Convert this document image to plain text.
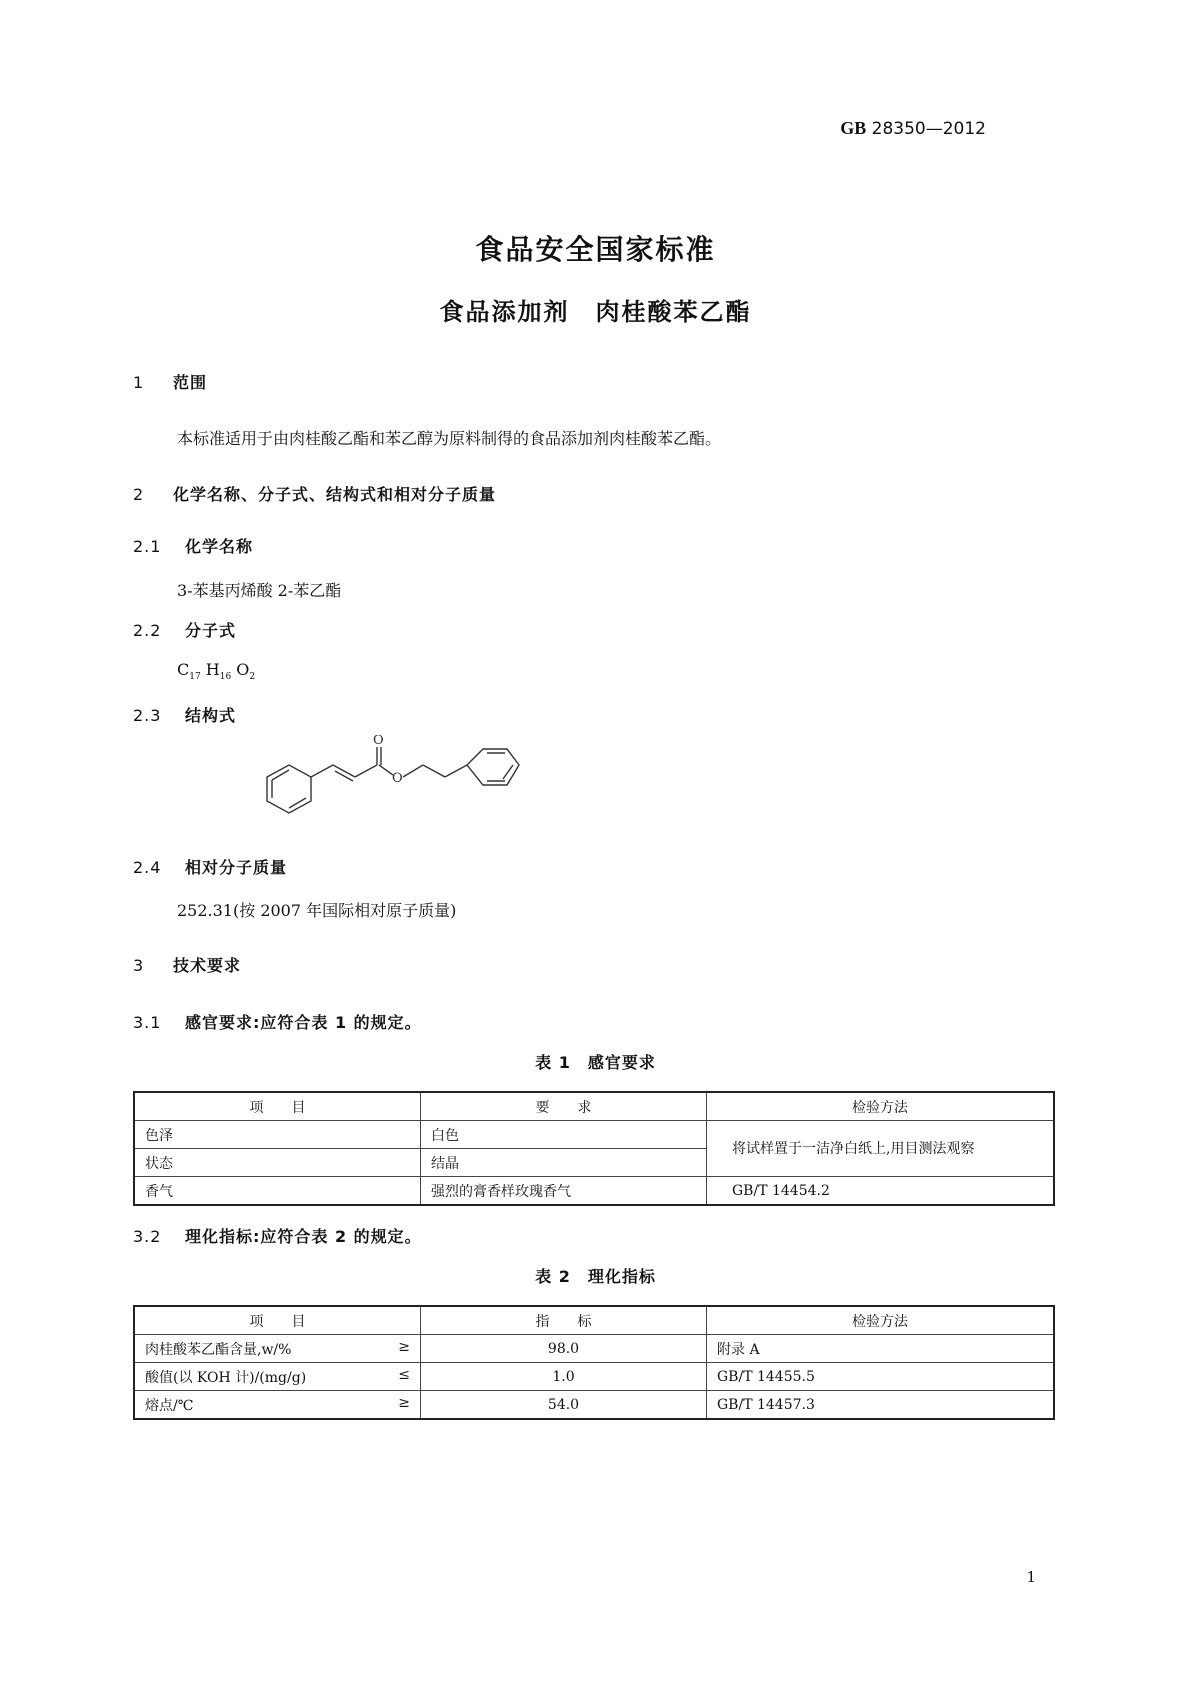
GB 28350—2012
食品安全国家标准
食品添加剂　肉桂酸苯乙酯
1 范围
本标准适用于由肉桂酸乙酯和苯乙醇为原料制得的食品添加剂肉桂酸苯乙酯。
2 化学名称、分子式、结构式和相对分子质量
2.1 化学名称
3-苯基丙烯酸 2-苯乙酯
2.2 分子式
$C_{17}$ $H_{16}$ $O_2$
2.3 结构式
O
O
2.4 相对分子质量
252.31(按 2007 年国际相对原子质量)
3 技术要求
3.1 感官要求:应符合表 1 的规定。
表 1　感官要求
项　　目	要　　求	检验方法
色泽	白色	将试样置于一洁净白纸上,用目测法观察
状态	结晶	
香气	强烈的膏香样玫瑰香气	GB/T 14454.2
3.2 理化指标:应符合表 2 的规定。
表 2　理化指标
项　　目	指　　标	检验方法
肉桂酸苯乙酯含量,w/% ≥	98.0	附录 A
酸值(以 KOH 计)/(mg/g) ≤	1.0	GB/T 14455.5
熔点/℃ ≥	54.0	GB/T 14457.3
1
